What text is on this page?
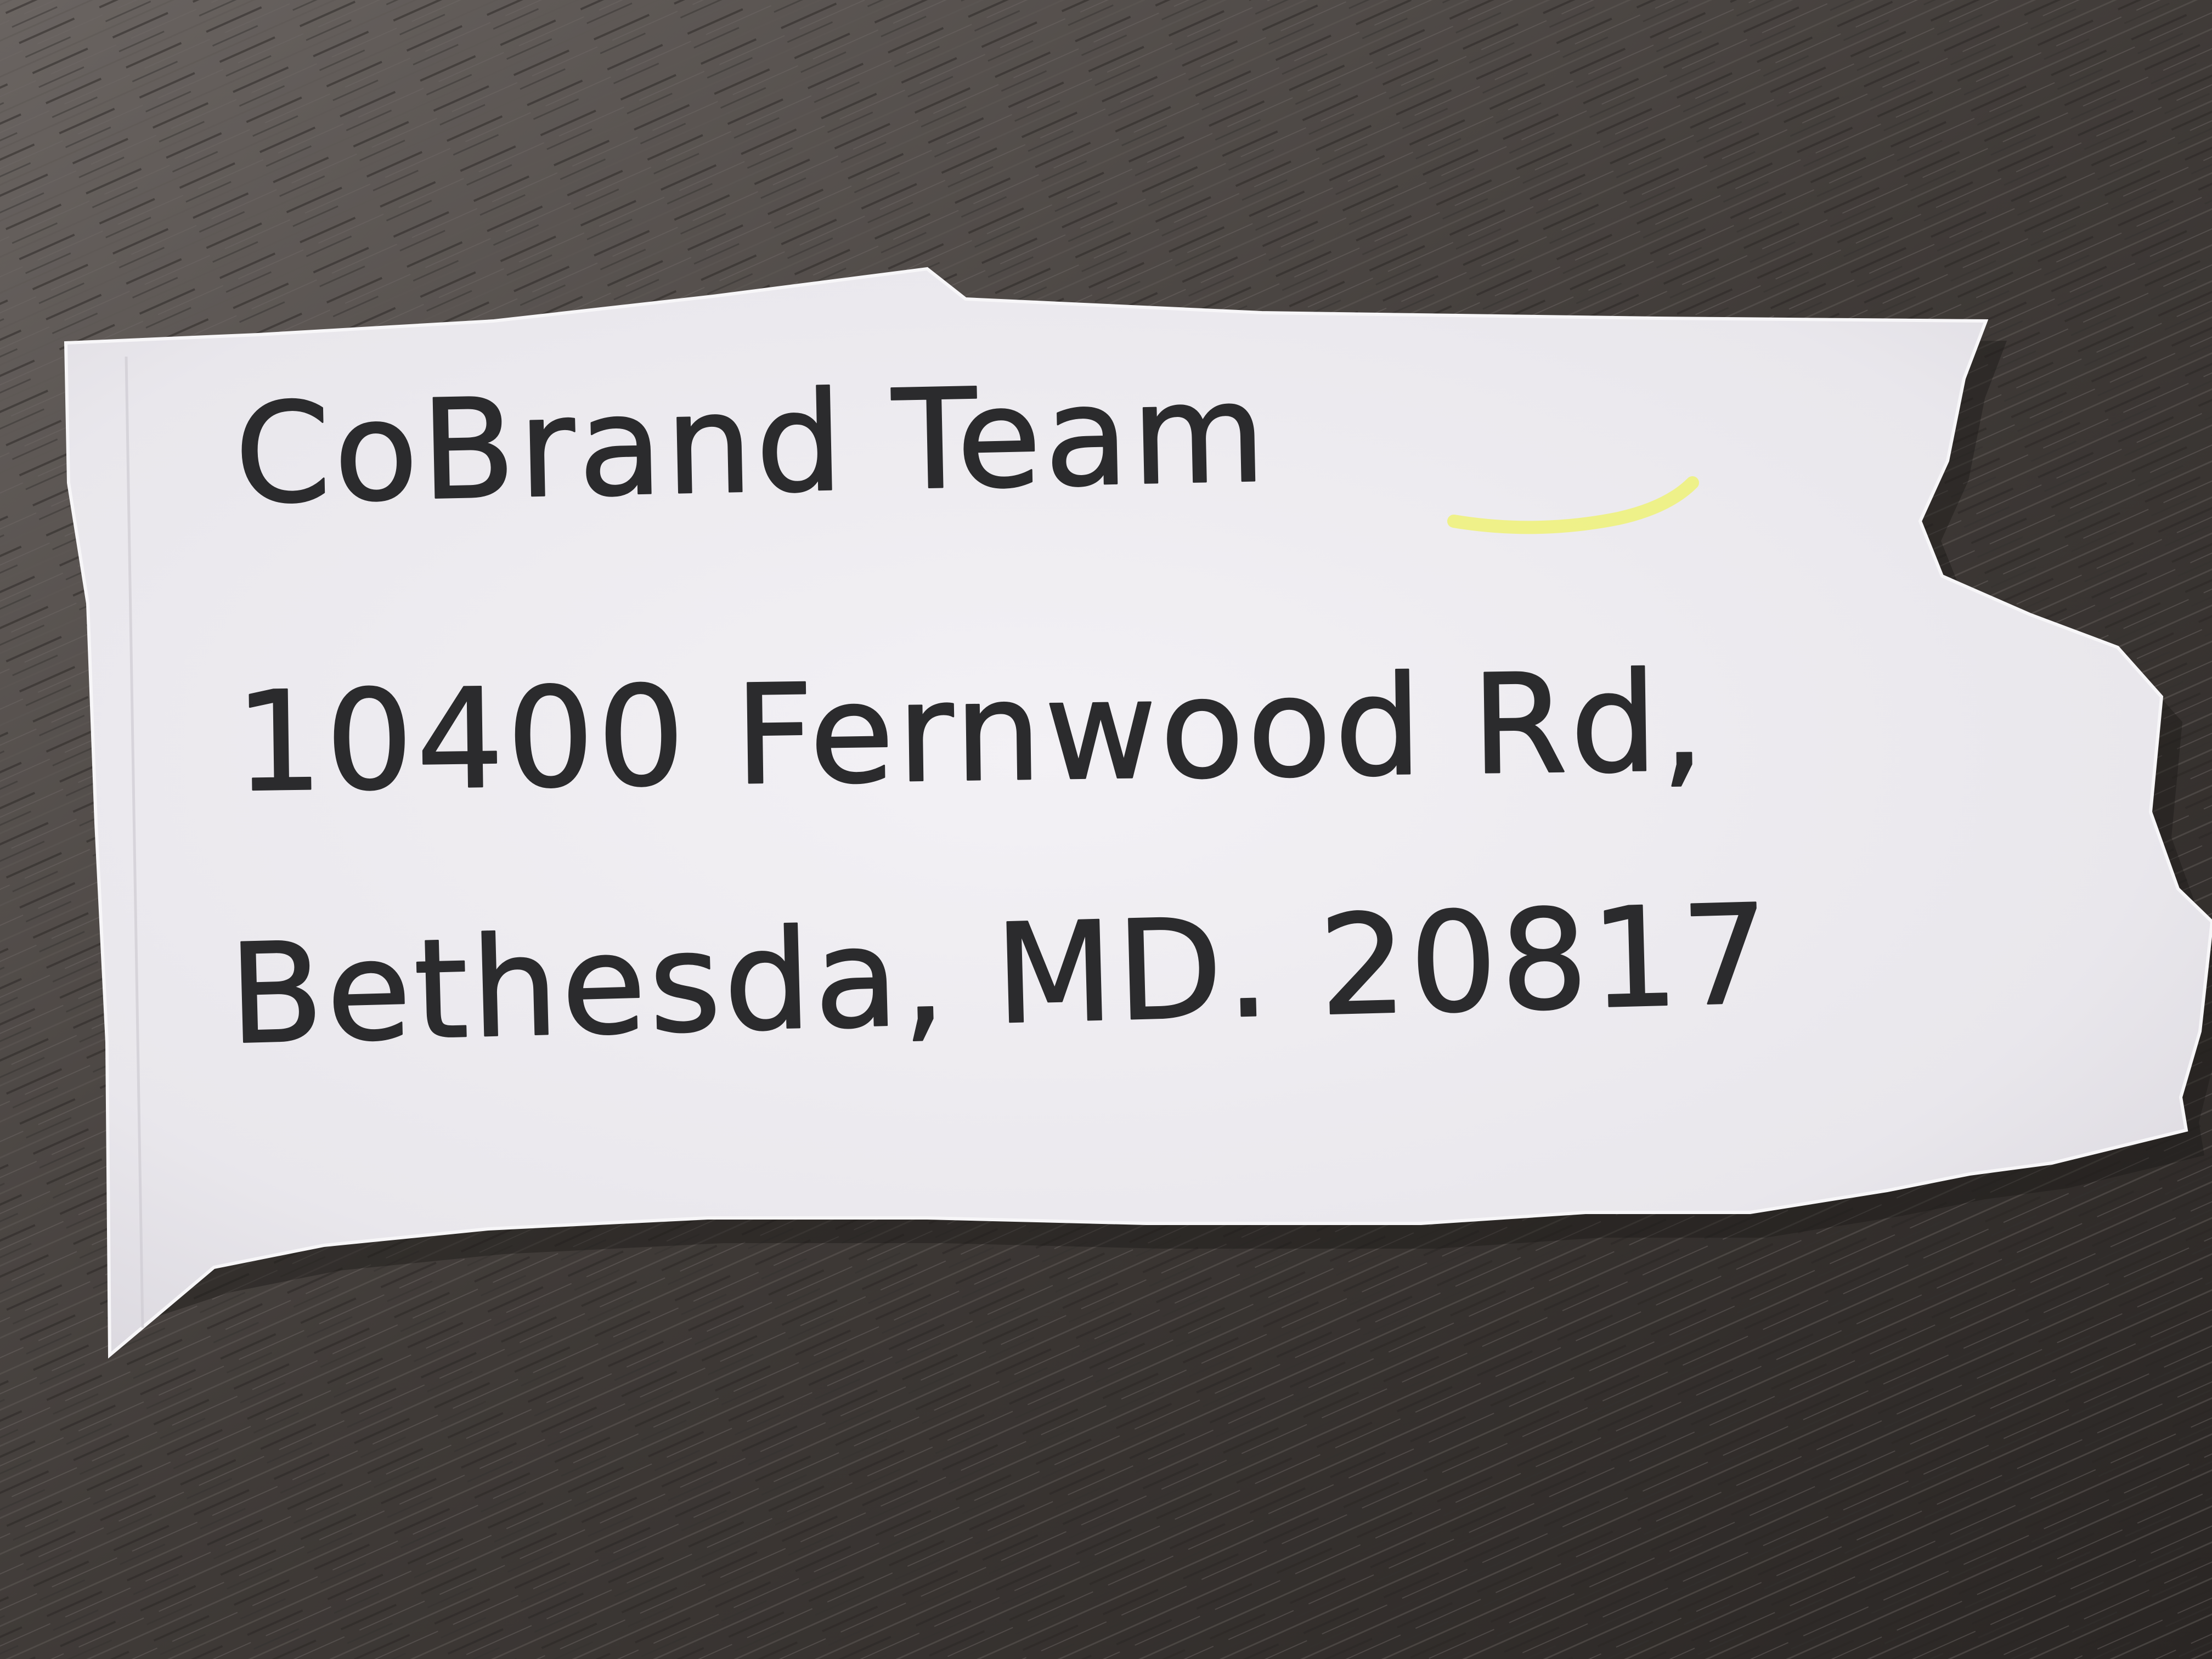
CoBrand Team
10400 Fernwood Rd,
Bethesda, MD. 20817
